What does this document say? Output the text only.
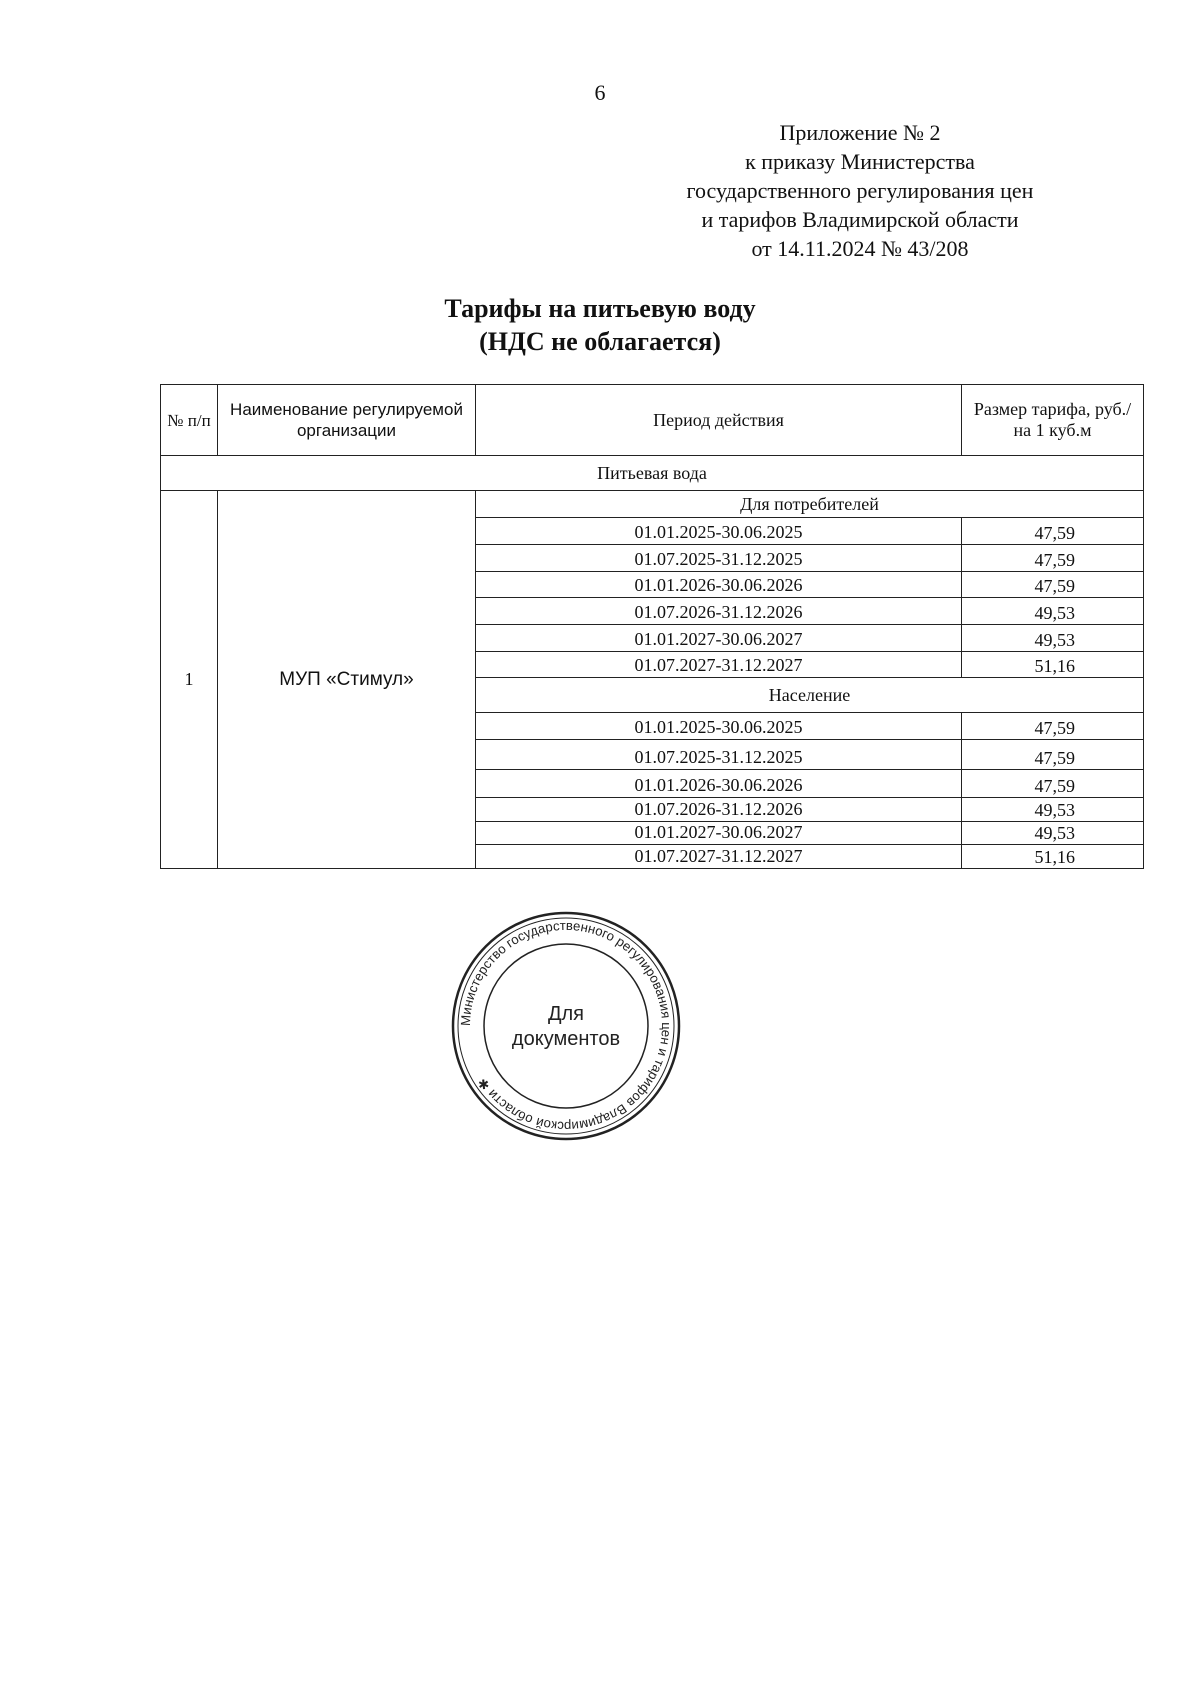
6
Приложение № 2
к приказу Министерства
государственного регулирования цен
и тарифов Владимирской области
от 14.11.2024 № 43/208
Тарифы на питьевую воду
(НДС не облагается)
№ п/п	Наименование регулируемой организации	Период действия	Размер тарифа, руб./на 1 куб.м
Питьевая вода			
1	МУП «Стимул»	Для потребителей	
		01.01.2025-30.06.2025	47,59
		01.07.2025-31.12.2025	47,59
		01.01.2026-30.06.2026	47,59
		01.07.2026-31.12.2026	49,53
		01.01.2027-30.06.2027	49,53
		01.07.2027-31.12.2027	51,16
		Население	
		01.01.2025-30.06.2025	47,59
		01.07.2025-31.12.2025	47,59
		01.01.2026-30.06.2026	47,59
		01.07.2026-31.12.2026	49,53
		01.01.2027-30.06.2027	49,53
		01.07.2027-31.12.2027	51,16
Министерство государственного регулирования цен и тарифов Владимирской области ✱
Для
документов
